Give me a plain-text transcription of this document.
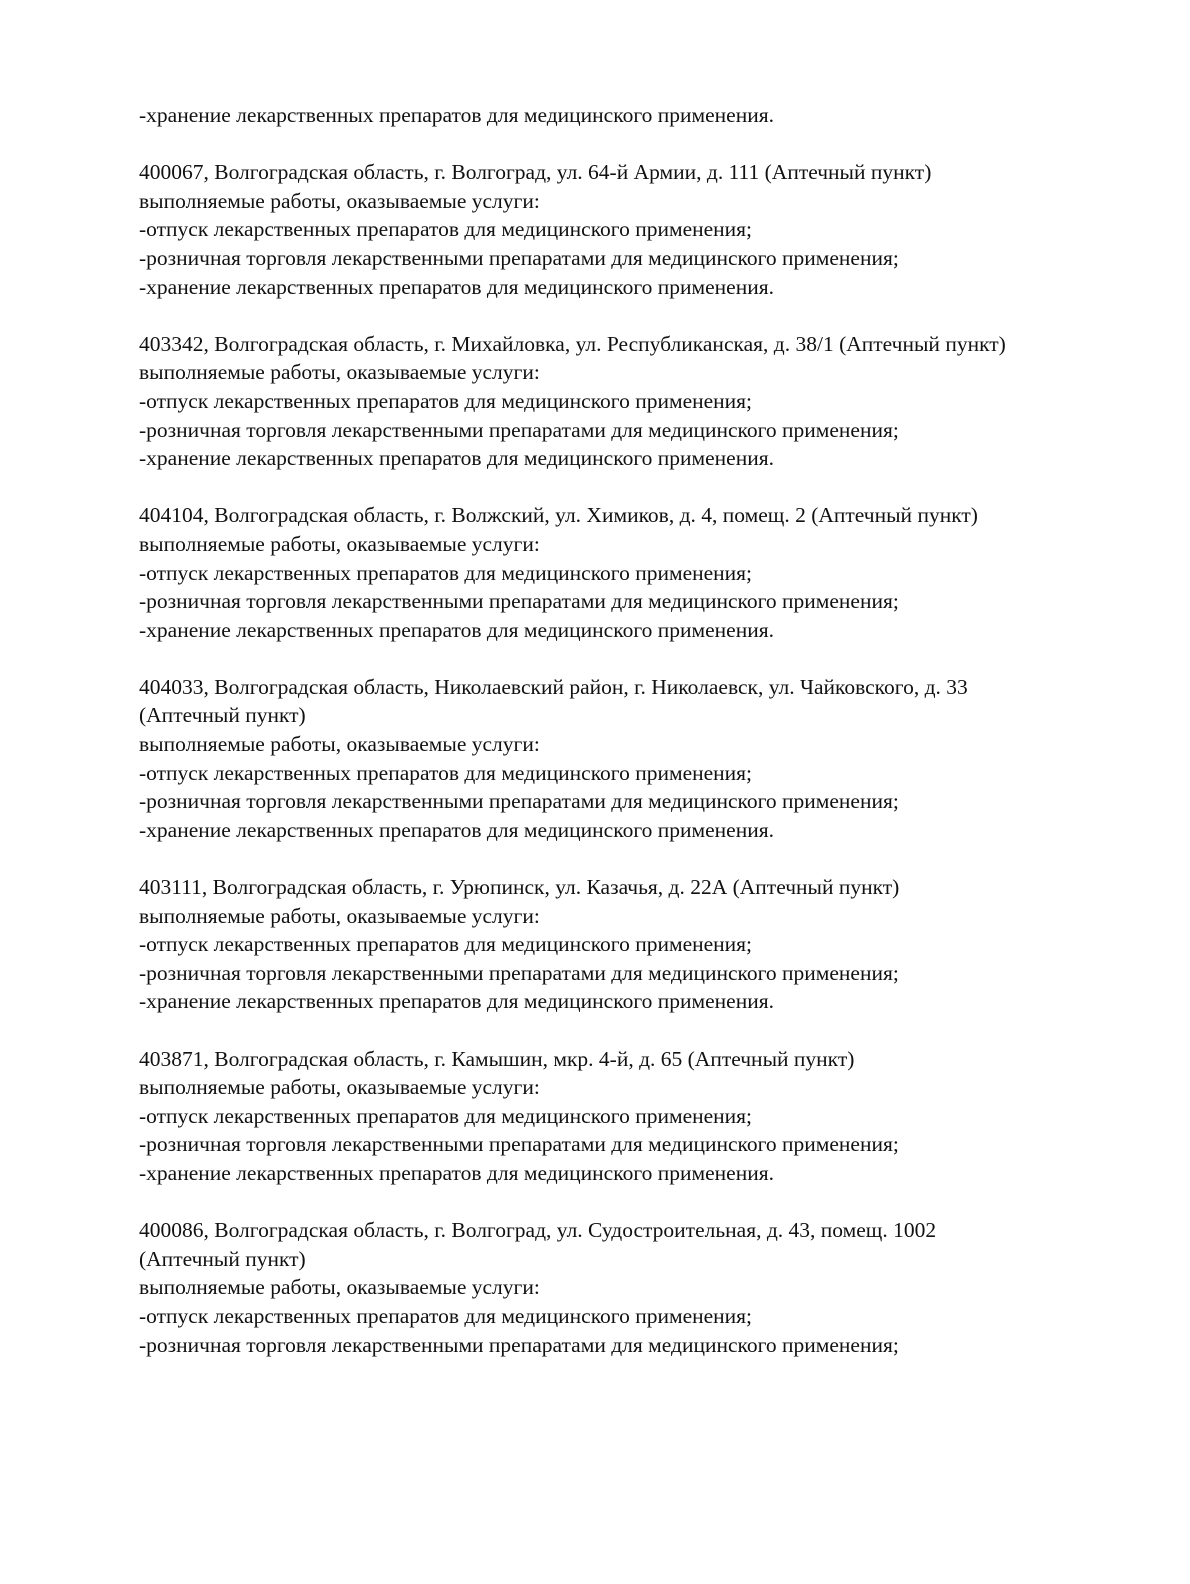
-хранение лекарственных препаратов для медицинского применения.
400067, Волгоградская область, г. Волгоград, ул. 64-й Армии, д. 111 (Аптечный пункт)
выполняемые работы, оказываемые услуги:
-отпуск лекарственных препаратов для медицинского применения;
-розничная торговля лекарственными препаратами для медицинского применения;
-хранение лекарственных препаратов для медицинского применения.
403342, Волгоградская область, г. Михайловка, ул. Республиканская, д. 38/1 (Аптечный пункт)
выполняемые работы, оказываемые услуги:
-отпуск лекарственных препаратов для медицинского применения;
-розничная торговля лекарственными препаратами для медицинского применения;
-хранение лекарственных препаратов для медицинского применения.
404104, Волгоградская область, г. Волжский, ул. Химиков, д. 4, помещ. 2 (Аптечный пункт)
выполняемые работы, оказываемые услуги:
-отпуск лекарственных препаратов для медицинского применения;
-розничная торговля лекарственными препаратами для медицинского применения;
-хранение лекарственных препаратов для медицинского применения.
404033, Волгоградская область, Николаевский район, г. Николаевск, ул. Чайковского, д. 33
(Аптечный пункт)
выполняемые работы, оказываемые услуги:
-отпуск лекарственных препаратов для медицинского применения;
-розничная торговля лекарственными препаратами для медицинского применения;
-хранение лекарственных препаратов для медицинского применения.
403111, Волгоградская область, г. Урюпинск, ул. Казачья, д. 22А (Аптечный пункт)
выполняемые работы, оказываемые услуги:
-отпуск лекарственных препаратов для медицинского применения;
-розничная торговля лекарственными препаратами для медицинского применения;
-хранение лекарственных препаратов для медицинского применения.
403871, Волгоградская область, г. Камышин, мкр. 4-й, д. 65 (Аптечный пункт)
выполняемые работы, оказываемые услуги:
-отпуск лекарственных препаратов для медицинского применения;
-розничная торговля лекарственными препаратами для медицинского применения;
-хранение лекарственных препаратов для медицинского применения.
400086, Волгоградская область, г. Волгоград, ул. Судостроительная, д. 43, помещ. 1002
(Аптечный пункт)
выполняемые работы, оказываемые услуги:
-отпуск лекарственных препаратов для медицинского применения;
-розничная торговля лекарственными препаратами для медицинского применения;
